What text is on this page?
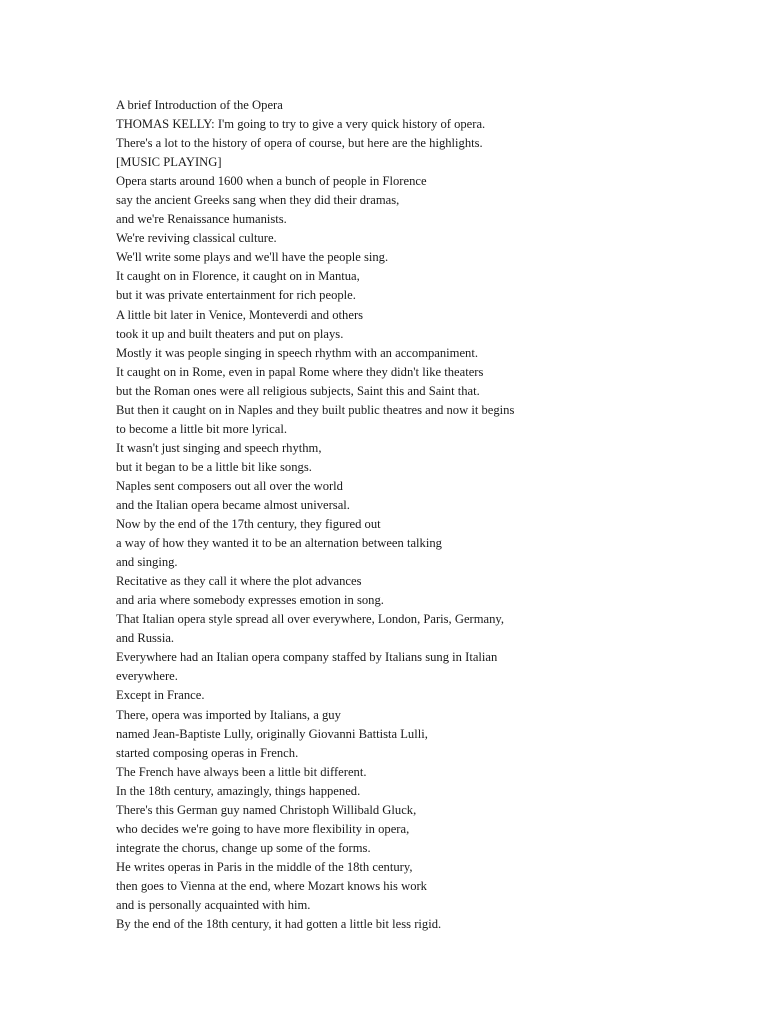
A brief Introduction of the Opera
THOMAS KELLY: I'm going to try to give a very quick history of opera.
There's a lot to the history of opera of course, but here are the highlights.
[MUSIC PLAYING]
Opera starts around 1600 when a bunch of people in Florence
say the ancient Greeks sang when they did their dramas,
and we're Renaissance humanists.
We're reviving classical culture.
We'll write some plays and we'll have the people sing.
It caught on in Florence, it caught on in Mantua,
but it was private entertainment for rich people.
A little bit later in Venice, Monteverdi and others
took it up and built theaters and put on plays.
Mostly it was people singing in speech rhythm with an accompaniment.
It caught on in Rome, even in papal Rome where they didn't like theaters
but the Roman ones were all religious subjects, Saint this and Saint that.
But then it caught on in Naples and they built public theatres and now it begins
to become a little bit more lyrical.
It wasn't just singing and speech rhythm,
but it began to be a little bit like songs.
Naples sent composers out all over the world
and the Italian opera became almost universal.
Now by the end of the 17th century, they figured out
a way of how they wanted it to be an alternation between talking
and singing.
Recitative as they call it where the plot advances
and aria where somebody expresses emotion in song.
That Italian opera style spread all over everywhere, London, Paris, Germany,
and Russia.
Everywhere had an Italian opera company staffed by Italians sung in Italian
everywhere.
Except in France.
There, opera was imported by Italians, a guy
named Jean-Baptiste Lully, originally Giovanni Battista Lulli,
started composing operas in French.
The French have always been a little bit different.
In the 18th century, amazingly, things happened.
There's this German guy named Christoph Willibald Gluck,
who decides we're going to have more flexibility in opera,
integrate the chorus, change up some of the forms.
He writes operas in Paris in the middle of the 18th century,
then goes to Vienna at the end, where Mozart knows his work
and is personally acquainted with him.
By the end of the 18th century, it had gotten a little bit less rigid.
